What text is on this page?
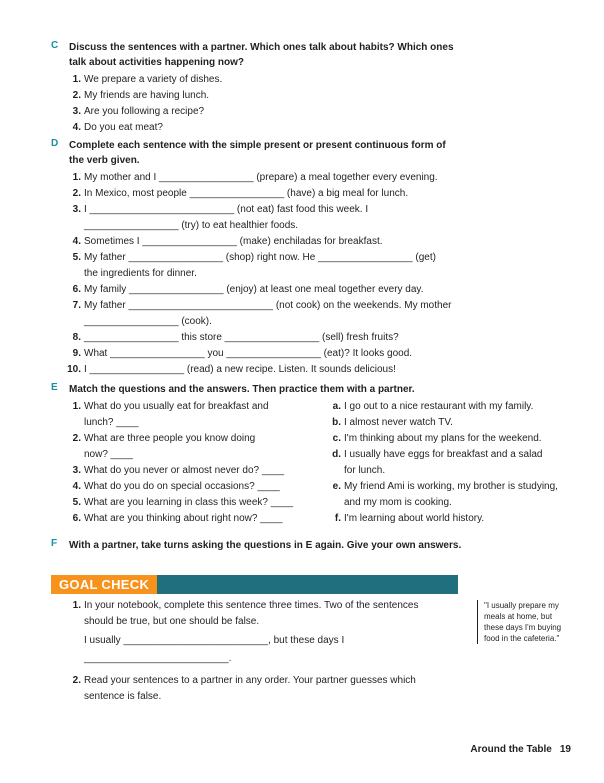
C Discuss the sentences with a partner. Which ones talk about habits? Which ones
talk about activities happening now?
1. We prepare a variety of dishes.
2. My friends are having lunch.
3. Are you following a recipe?
4. Do you eat meat?
D Complete each sentence with the simple present or present continuous form of
the verb given.
1. My mother and I _________________ (prepare) a meal together every evening.
2. In Mexico, most people _________________ (have) a big meal for lunch.
3. I __________________________ (not eat) fast food this week. I
_________________ (try) to eat healthier foods.
4. Sometimes I _________________ (make) enchiladas for breakfast.
5. My father _________________ (shop) right now. He _________________ (get)
the ingredients for dinner.
6. My family _________________ (enjoy) at least one meal together every day.
7. My father __________________________ (not cook) on the weekends. My mother
_________________ (cook).
8. _________________ this store _________________ (sell) fresh fruits?
9. What _________________ you _________________ (eat)? It looks good.
10. I _________________ (read) a new recipe. Listen. It sounds delicious!
E Match the questions and the answers. Then practice them with a partner.
1. What do you usually eat for breakfast and
lunch? ____
2. What are three people you know doing
now? ____
3. What do you never or almost never do? ____
4. What do you do on special occasions? ____
5. What are you learning in class this week? ____
6. What are you thinking about right now? ____
a. I go out to a nice restaurant with my family.
b. I almost never watch TV.
c. I'm thinking about my plans for the weekend.
d. I usually have eggs for breakfast and a salad
for lunch.
e. My friend Ami is working, my brother is studying,
and my mom is cooking.
f. I'm learning about world history.
F With a partner, take turns asking the questions in E again. Give your own answers.
GOAL CHECK
1. In your notebook, complete this sentence three times. Two of the sentences
should be true, but one should be false.
I usually __________________________, but these days I
__________________________.
2. Read your sentences to a partner in any order. Your partner guesses which
sentence is false.
"I usually prepare my
meals at home, but
these days I'm buying
food in the cafeteria."
Around the Table 19
